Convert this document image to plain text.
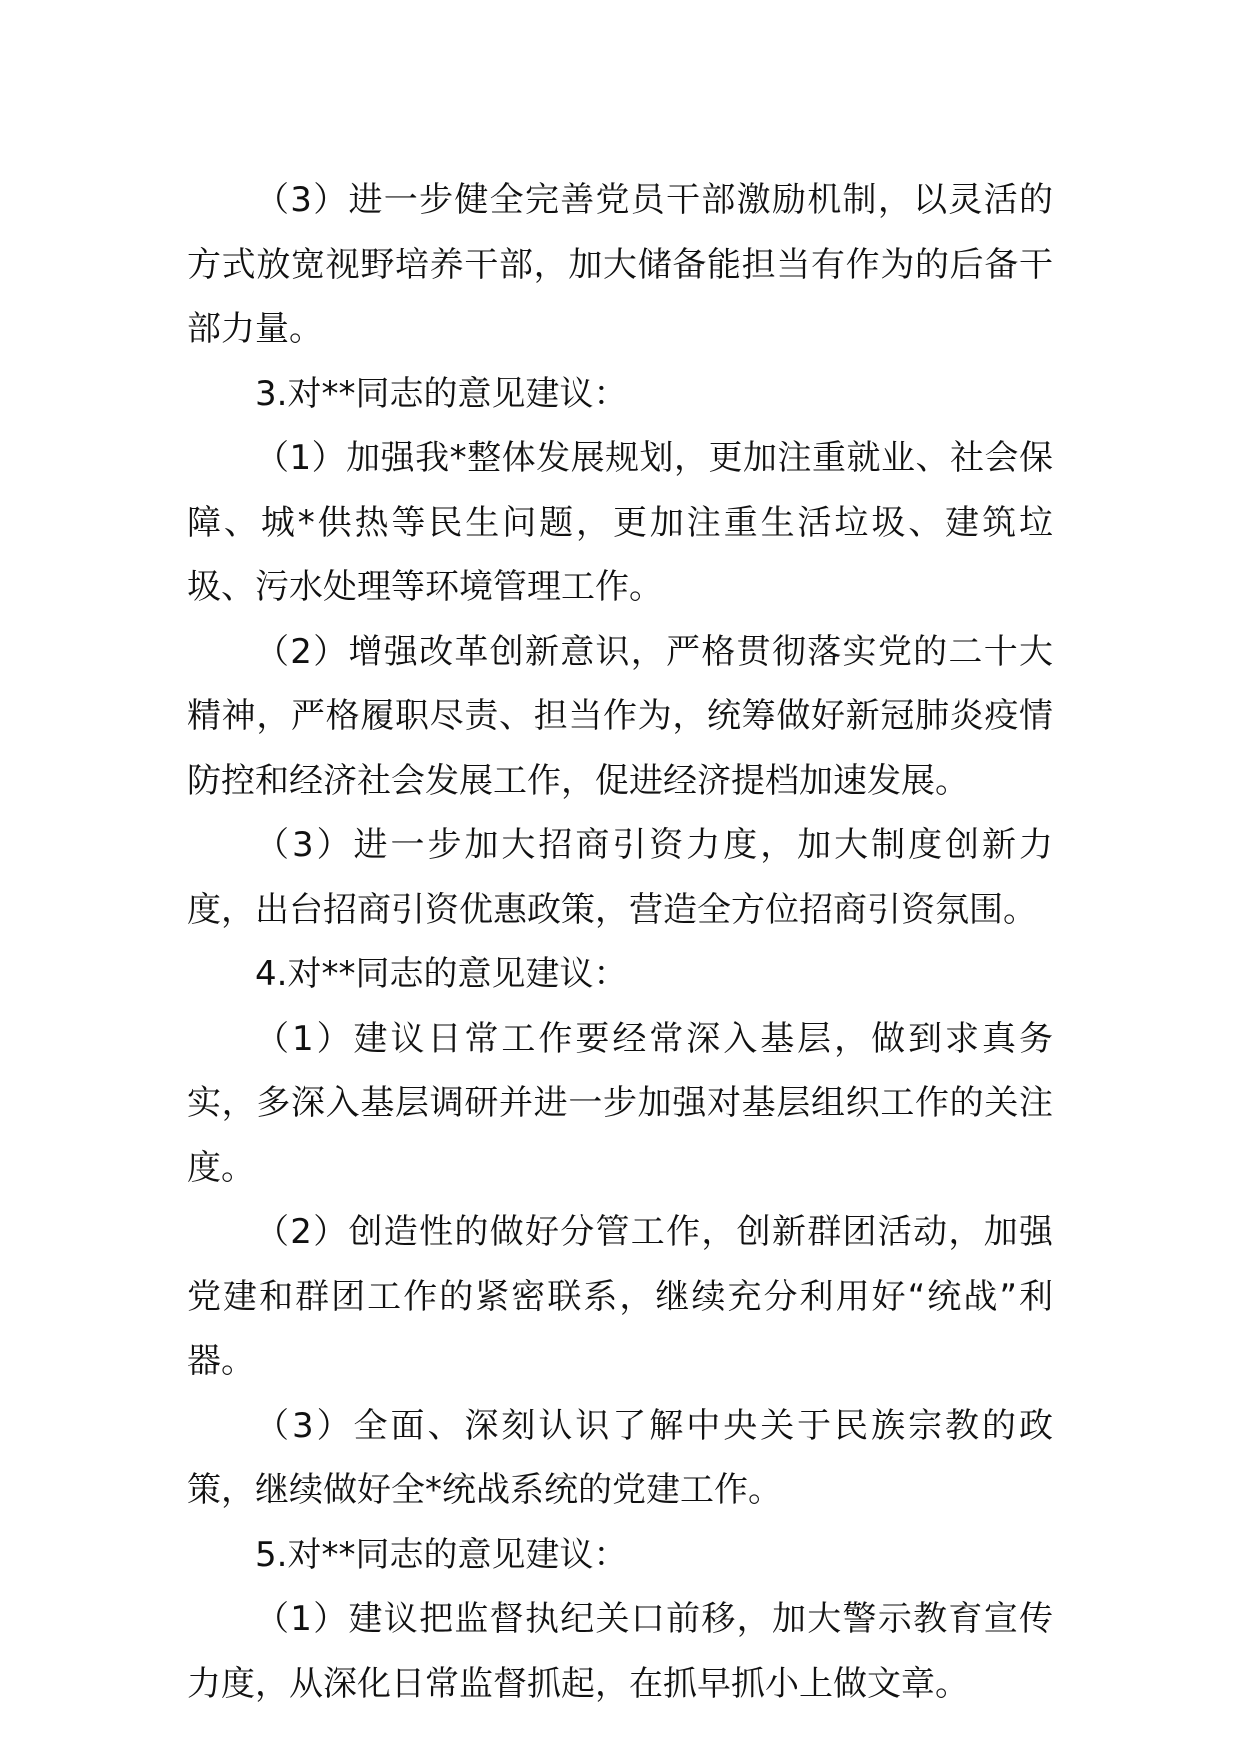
（3）进一步健全完善党员干部激励机制，以灵活的方式放宽视野培养干部，加大储备能担当有作为的后备干部力量。

3.对**同志的意见建议：

（1）加强我*整体发展规划，更加注重就业、社会保障、城*供热等民生问题，更加注重生活垃圾、建筑垃圾、污水处理等环境管理工作。

（2）增强改革创新意识，严格贯彻落实党的二十大精神，严格履职尽责、担当作为，统筹做好新冠肺炎疫情防控和经济社会发展工作，促进经济提档加速发展。

（3）进一步加大招商引资力度，加大制度创新力度，出台招商引资优惠政策，营造全方位招商引资氛围。

4.对**同志的意见建议：

（1）建议日常工作要经常深入基层，做到求真务实，多深入基层调研并进一步加强对基层组织工作的关注度。

（2）创造性的做好分管工作，创新群团活动，加强党建和群团工作的紧密联系，继续充分利用好“统战”利器。

（3）全面、深刻认识了解中央关于民族宗教的政策，继续做好全*统战系统的党建工作。

5.对**同志的意见建议：

（1）建议把监督执纪关口前移，加大警示教育宣传力度，从深化日常监督抓起，在抓早抓小上做文章。
